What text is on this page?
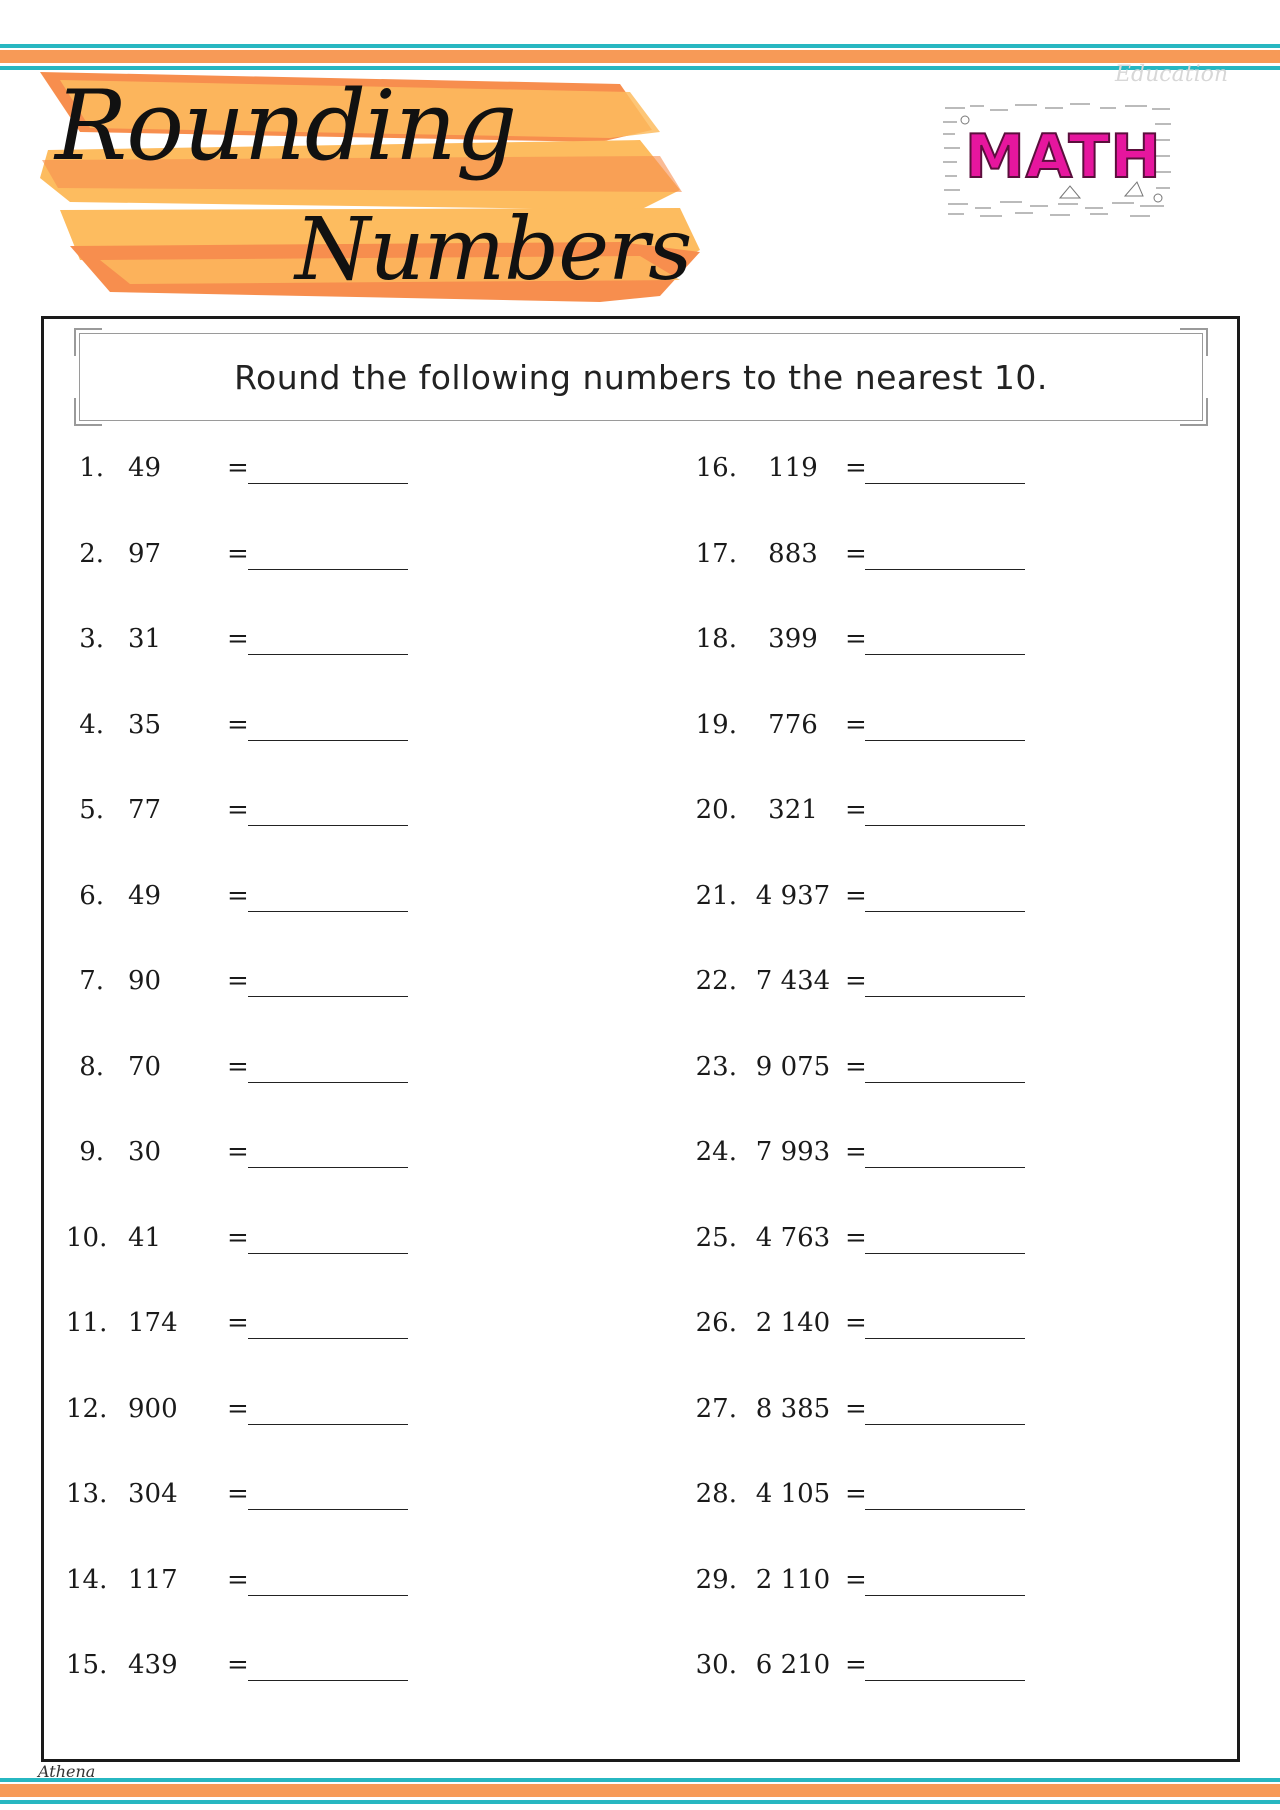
Education
Rounding
Numbers
MATH
Round the following numbers to the nearest 10.
1. 49	=
2. 97	=
3. 31	=
4. 35	=
5. 77	=
6. 49	=
7. 90	=
8. 70	=
9. 30	=
10. 41	=
11. 174 =
12. 900 =
13. 304 =
14. 117 =
15. 439 =
16.	119	=
17.	883	=
18.	399	=
19.	776	=
20.	321	=
21. 4 937 =
22. 7 434 =
23. 9 075 =
24. 7 993 =
25. 4 763 =
26. 2 140 =
27. 8 385 =
28. 4 105 =
29. 2 110 =
30. 6 210 =
Athena
